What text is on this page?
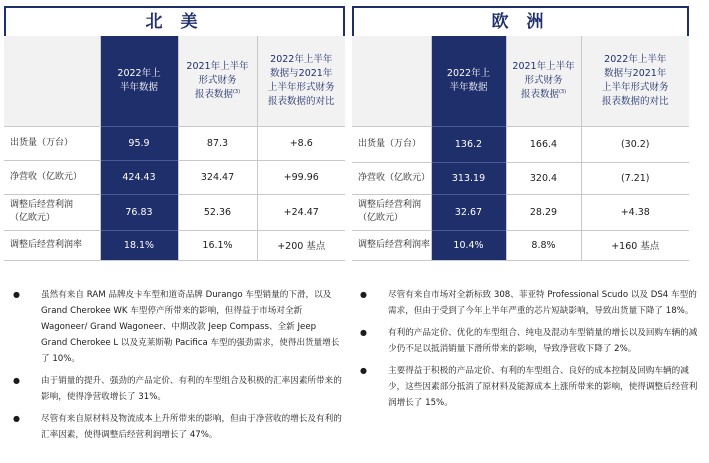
北 美
	2022年上
半年数据	2021年上半年
形式财务
报表数据$^{(3)}$	2022年上半年
数据与2021年
上半年形式财务
报表数据的对比
出货量（万台）	95.9	87.3	+8.6
净营收（亿欧元）	424.43	324.47	+99.96
调整后经营利润
（亿欧元）	76.83	52.36	+24.47
调整后经营利润率	18.1%	16.1%	+200 基点
欧 洲
	2022年上
半年数据	2021年上半年
形式财务
报表数据$^{(3)}$	2022年上半年
数据与2021年
上半年形式财务
报表数据的对比
出货量（万台）	136.2	166.4	(30.2)
净营收（亿欧元）	313.19	320.4	(7.21)
调整后经营利润
（亿欧元）	32.67	28.29	+4.38
调整后经营利润率	10.4%	8.8%	+160 基点
● 虽然有来自 RAM 品牌皮卡车型和道奇品牌 Durango 车型销量的下滑，以及 Grand Cherokee WK 车型停产所带来的影响，但得益于市场对全新 Wagoneer/ Grand Wagoneer、中期改款 Jeep Compass、全新 Jeep Grand Cherokee L 以及克莱斯勒 Pacifica 车型的强劲需求，使得出货量增长了 10%。
● 由于销量的提升、强劲的产品定价、有利的车型组合及积极的汇率因素所带来的影响，使得净营收增长了 31%。
● 尽管有来自原材料及物流成本上升所带来的影响，但由于净营收的增长及有利的汇率因素，使得调整后经营利润增长了 47%。
● 尽管有来自市场对全新标致 308、菲亚特 Professional Scudo 以及 DS4 车型的需求，但由于受到了今年上半年严重的芯片短缺影响，导致出货量下降了 18%。
● 有利的产品定价、优化的车型组合、纯电及混动车型销量的增长以及回购车辆的减少仍不足以抵消销量下滑所带来的影响，导致净营收下降了 2%。
● 主要得益于积极的产品定价、有利的车型组合、良好的成本控制及回购车辆的减少，这些因素部分抵消了原材料及能源成本上涨所带来的影响，使得调整后经营利润增长了 15%。
